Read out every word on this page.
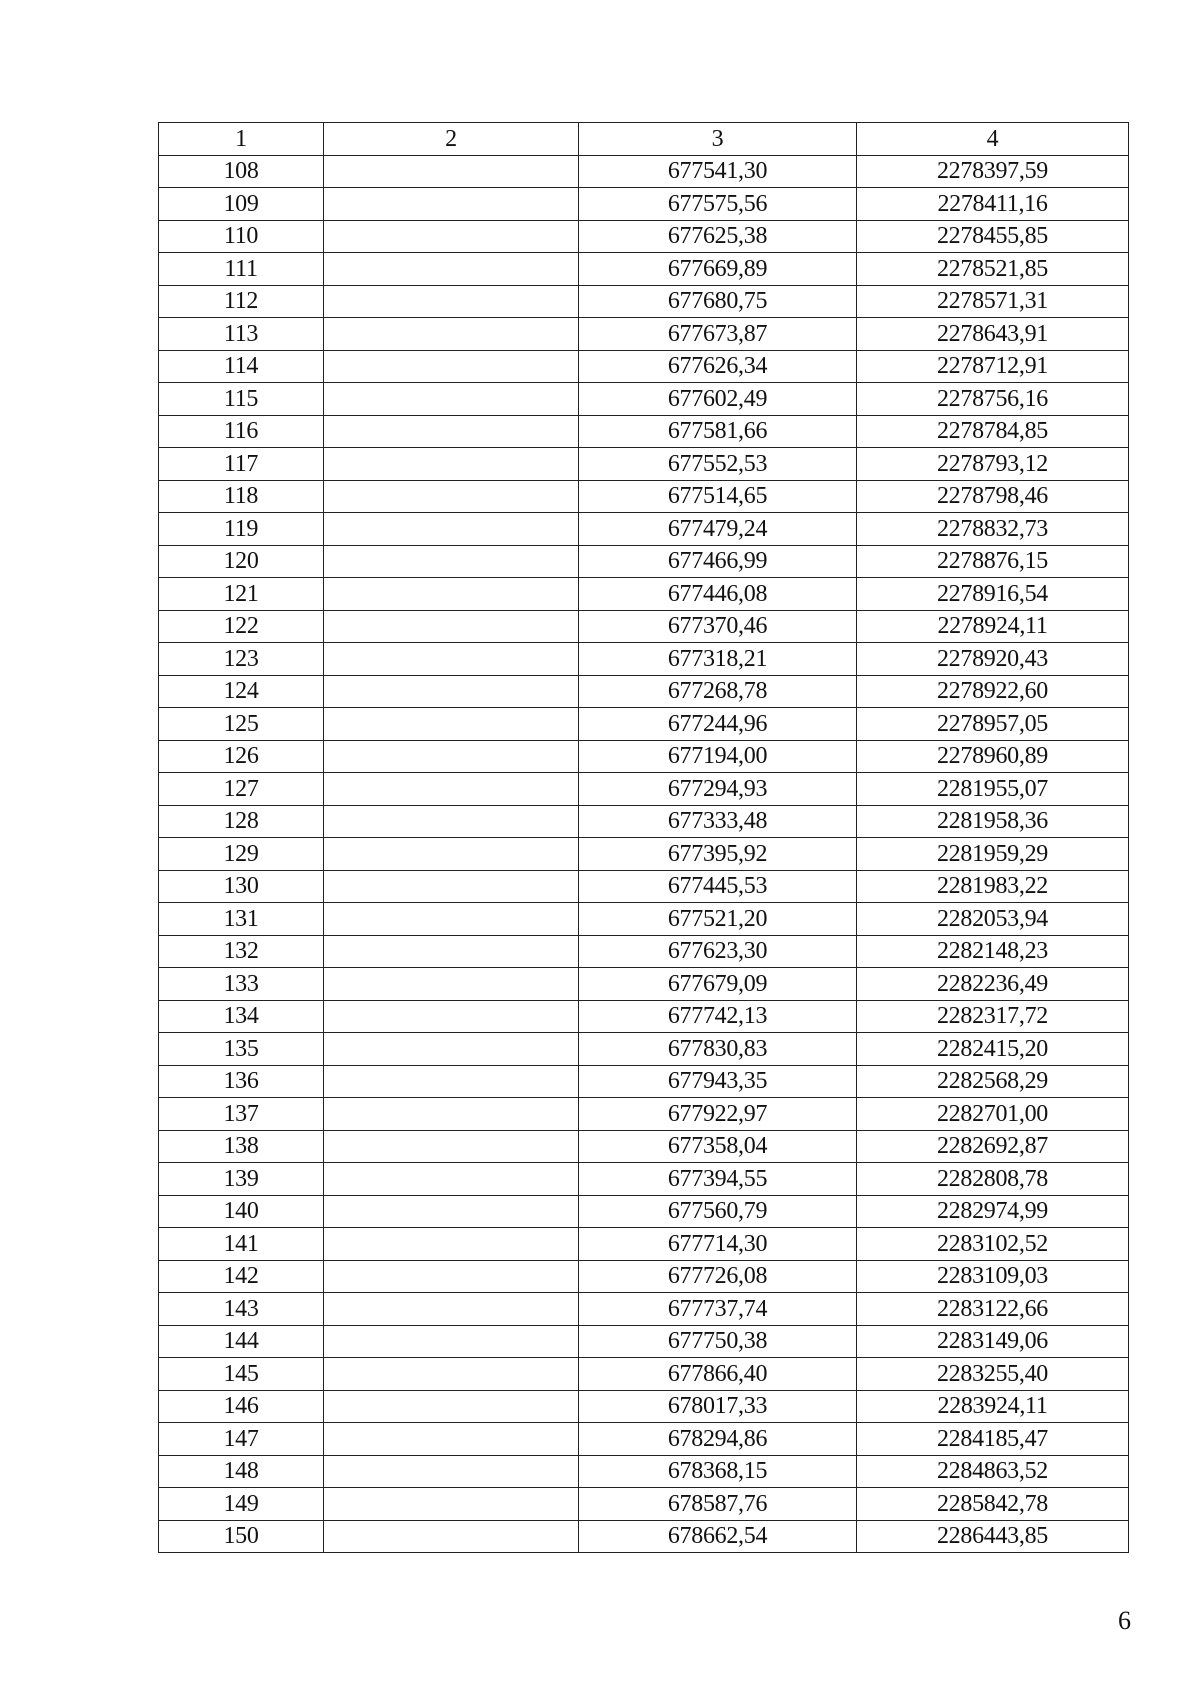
1	2	3	4
108		677541,30	2278397,59
109		677575,56	2278411,16
110		677625,38	2278455,85
111		677669,89	2278521,85
112		677680,75	2278571,31
113		677673,87	2278643,91
114		677626,34	2278712,91
115		677602,49	2278756,16
116		677581,66	2278784,85
117		677552,53	2278793,12
118		677514,65	2278798,46
119		677479,24	2278832,73
120		677466,99	2278876,15
121		677446,08	2278916,54
122		677370,46	2278924,11
123		677318,21	2278920,43
124		677268,78	2278922,60
125		677244,96	2278957,05
126		677194,00	2278960,89
127		677294,93	2281955,07
128		677333,48	2281958,36
129		677395,92	2281959,29
130		677445,53	2281983,22
131		677521,20	2282053,94
132		677623,30	2282148,23
133		677679,09	2282236,49
134		677742,13	2282317,72
135		677830,83	2282415,20
136		677943,35	2282568,29
137		677922,97	2282701,00
138		677358,04	2282692,87
139		677394,55	2282808,78
140		677560,79	2282974,99
141		677714,30	2283102,52
142		677726,08	2283109,03
143		677737,74	2283122,66
144		677750,38	2283149,06
145		677866,40	2283255,40
146		678017,33	2283924,11
147		678294,86	2284185,47
148		678368,15	2284863,52
149		678587,76	2285842,78
150		678662,54	2286443,85
6
